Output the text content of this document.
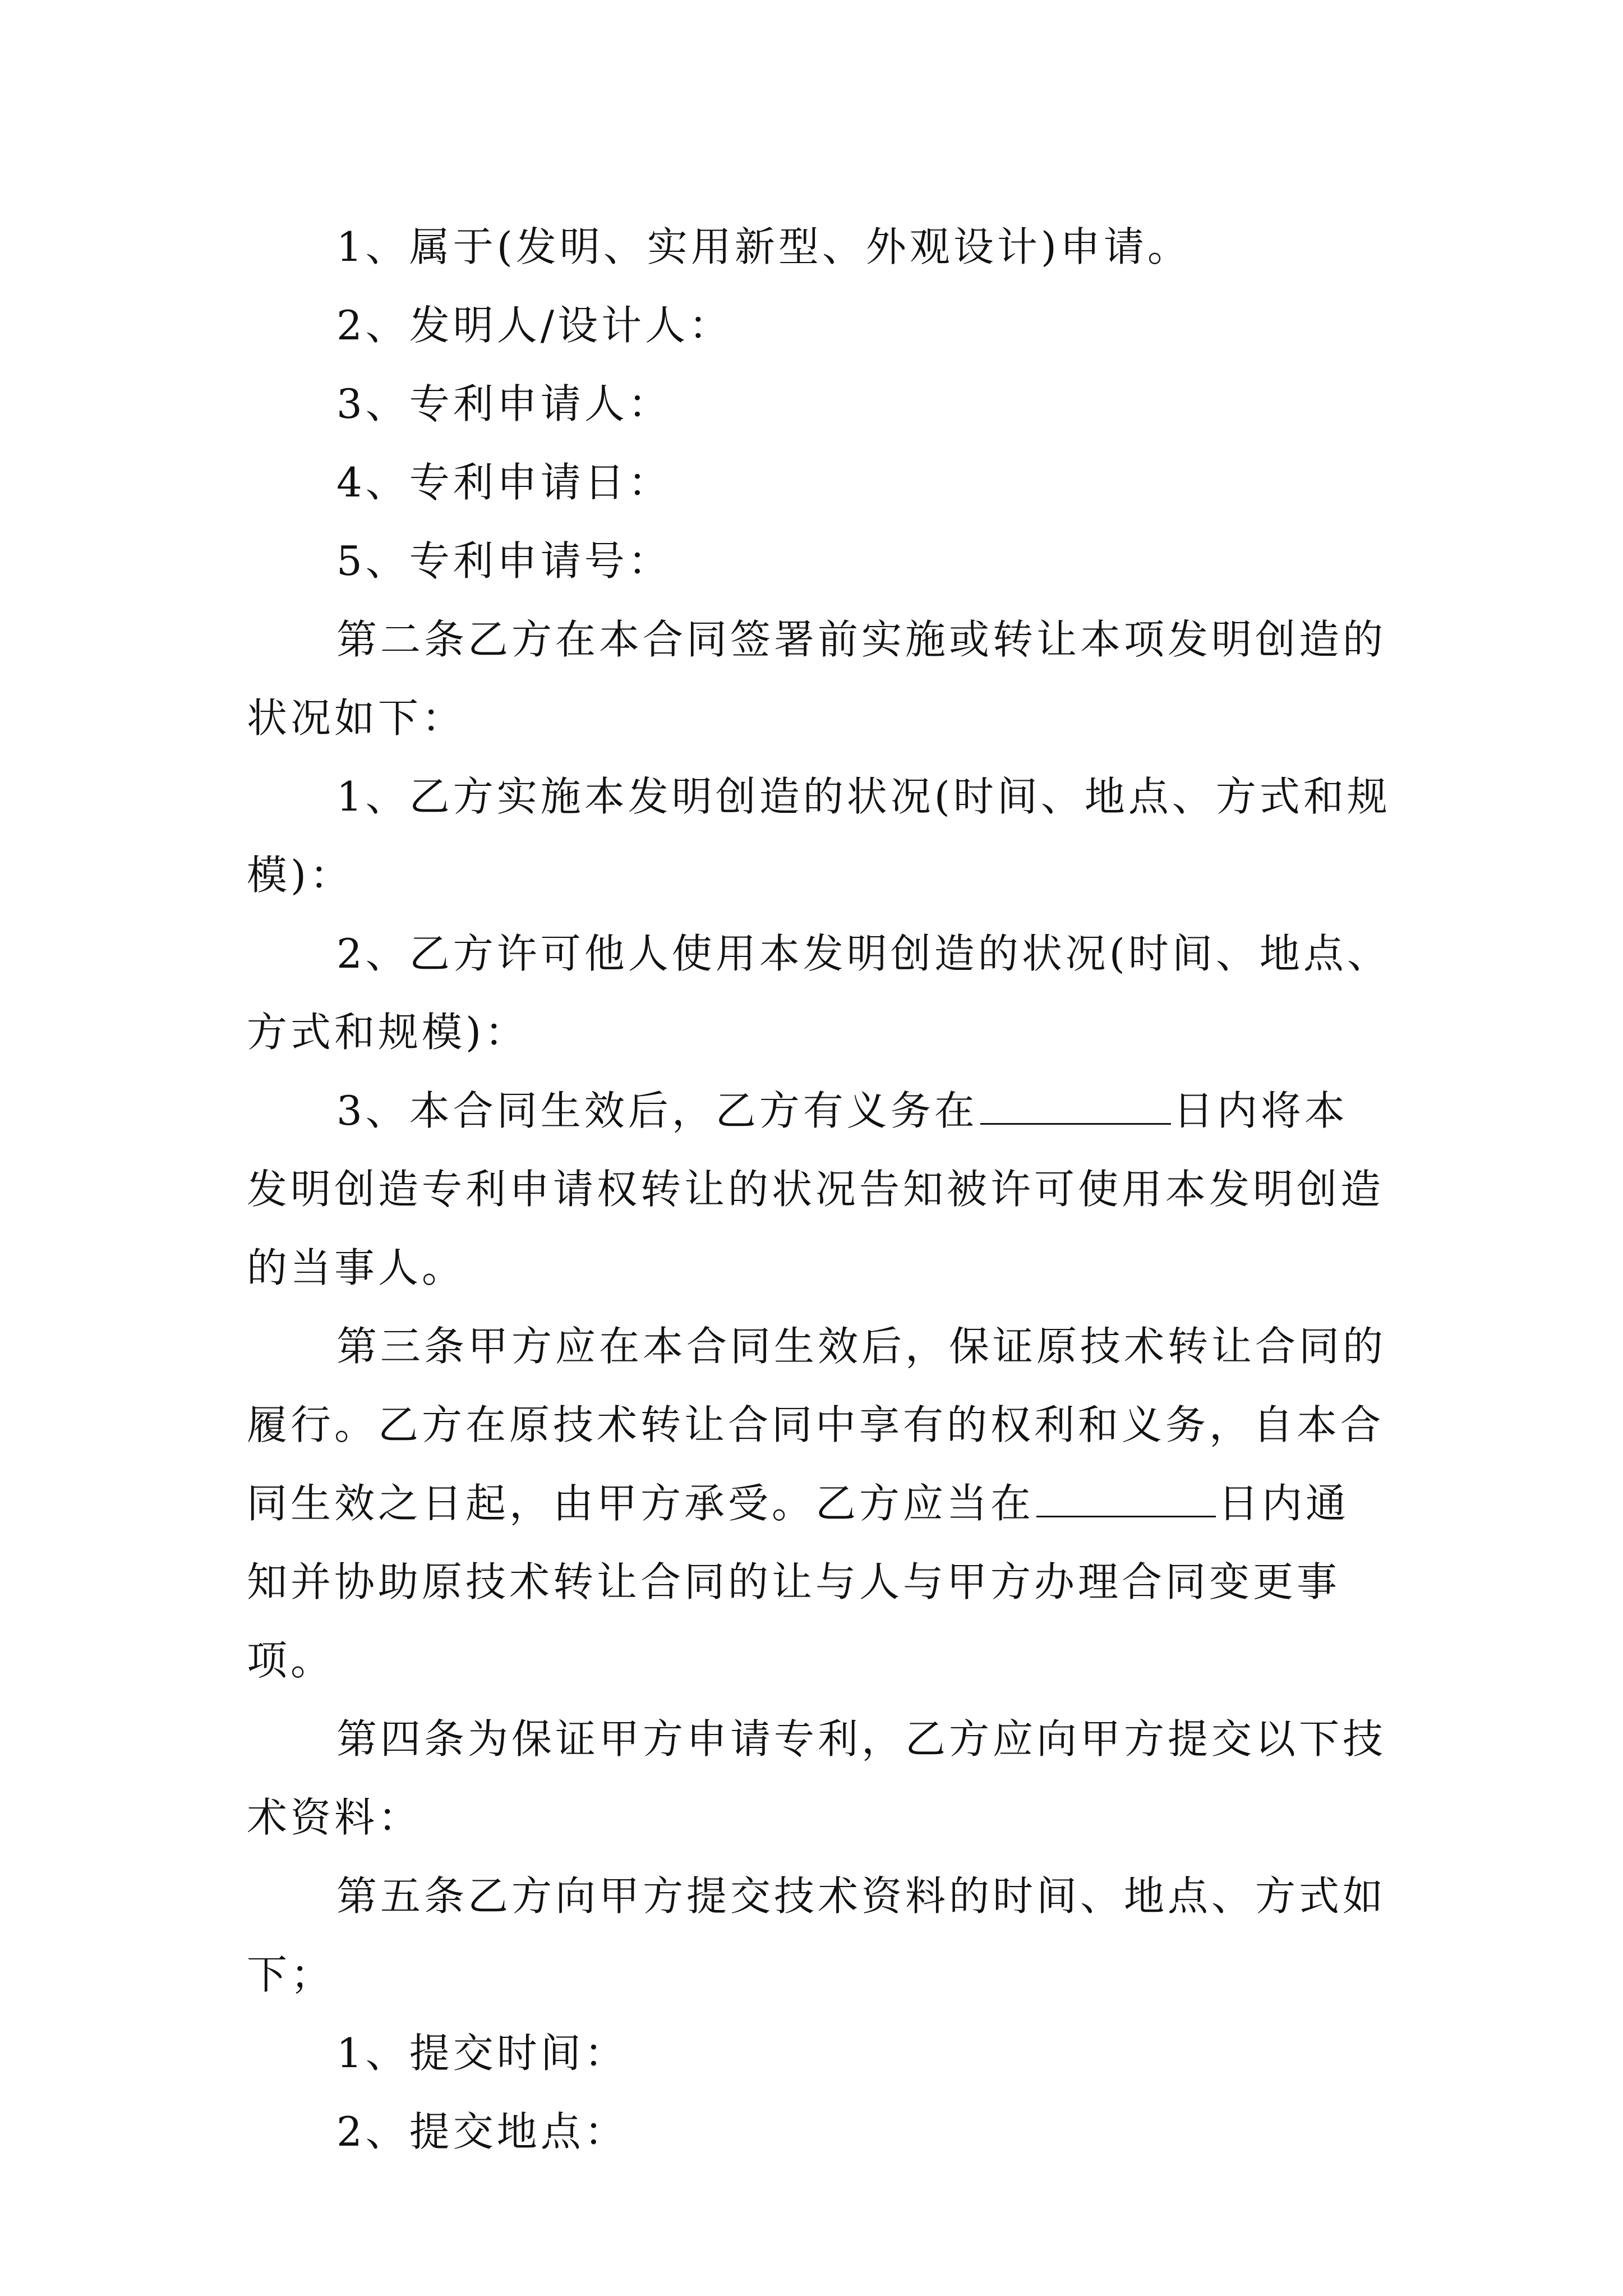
1、属于(发明、实用新型、外观设计)申请。

2、发明人/设计人：

3、专利申请人：

4、专利申请日：

5、专利申请号：

第二条乙方在本合同签署前实施或转让本项发明创造的状况如下：

1、乙方实施本发明创造的状况(时间、地点、方式和规模)：

2、乙方许可他人使用本发明创造的状况(时间、地点、方式和规模)：

3、本合同生效后，乙方有义务在	日内将本发明创造专利申请权转让的状况告知被许可使用本发明创造的当事人。

第三条甲方应在本合同生效后，保证原技术转让合同的履行。乙方在原技术转让合同中享有的权利和义务，自本合同生效之日起，由甲方承受。乙方应当在	日内通知并协助原技术转让合同的让与人与甲方办理合同变更事项。

第四条为保证甲方申请专利，乙方应向甲方提交以下技术资料：

第五条乙方向甲方提交技术资料的时间、地点、方式如下；

1、提交时间：

2、提交地点：
